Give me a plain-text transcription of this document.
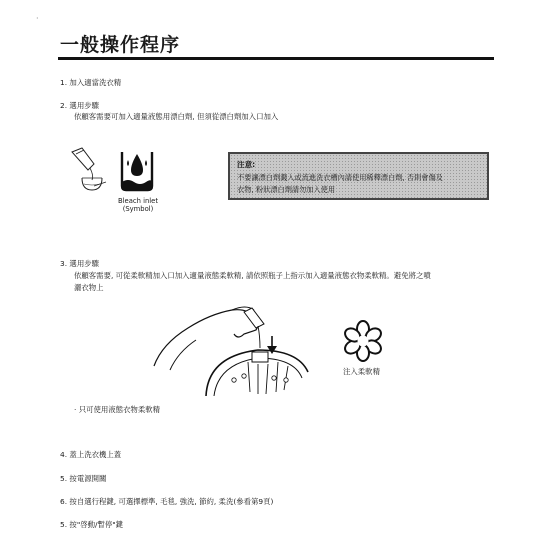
·
一般操作程序
1. 加入適當洗衣精
2. 選用步驟
依顧客需要可加入適量液態用漂白劑, 但須從漂白劑加入口加入
Bleach inlet
(Symbol)
注意:
不要讓漂白劑濺入或流進洗衣槽內請使用稀釋漂白劑, 否則會傷及
衣物, 粉狀漂白劑請勿加入使用
3. 選用步驟
依顧客需要, 可從柔軟精加入口加入適量液態柔軟精, 請依照瓶子上指示加入適量液態衣物柔軟精。避免將之噴
灑衣物上
注入柔軟精
· 只可使用液態衣物柔軟精
4. 蓋上洗衣機上蓋
5. 按電源開關
6. 按自選行程鍵, 可選擇標準, 毛毯, 強洗, 節約, 柔洗(參看第9頁)
5. 按"啓動/暫停"鍵
